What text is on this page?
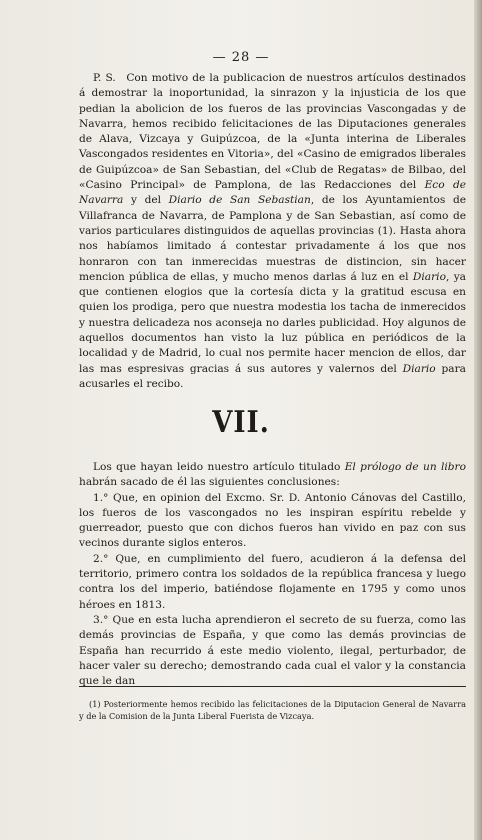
— 28 —

P. S.  Con motivo de la publicacion de nuestros artículos destinados á demostrar la inoportunidad, la sinrazon y la injusticia de los que pedian la abolicion de los fueros de las provincias Vascongadas y de Navarra, hemos recibido felicitaciones de las Diputaciones generales de Alava, Vizcaya y Guipúzcoa, de la «Junta interina de Liberales Vascongados residentes en Vitoria», del «Casino de emigrados liberales de Guipúzcoa» de San Sebastian, del «Club de Regatas» de Bilbao, del «Casino Principal» de Pamplona, de las Redacciones del Eco de Navarra y del Diario de San Sebastian, de los Ayuntamientos de Villafranca de Navarra, de Pamplona y de San Sebastian, así como de varios particulares distinguidos de aquellas provincias (1). Hasta ahora nos habíamos limitado á contestar privadamente á los que nos honraron con tan inmerecidas muestras de distincion, sin hacer mencion pública de ellas, y mucho menos darlas á luz en el Diario, ya que contienen elogios que la cortesía dicta y la gratitud escusa en quien los prodiga, pero que nuestra modestia los tacha de inmerecidos y nuestra delicadeza nos aconseja no darles publicidad. Hoy algunos de aquellos documentos han visto la luz pública en periódicos de la localidad y de Madrid, lo cual nos permite hacer mencion de ellos, dar las mas espresivas gracias á sus autores y valernos del Diario para acusarles el recibo.

VII.

Los que hayan leido nuestro artículo titulado El prólogo de un libro habrán sacado de él las siguientes conclusiones:

1.° Que, en opinion del Excmo. Sr. D. Antonio Cánovas del Castillo, los fueros de los vascongados no les inspiran espíritu rebelde y guerreador, puesto que con dichos fueros han vivido en paz con sus vecinos durante siglos enteros.

2.° Que, en cumplimiento del fuero, acudieron á la defensa del territorio, primero contra los soldados de la república francesa y luego contra los del imperio, batiéndose flojamente en 1795 y como unos héroes en 1813.

3.° Que en esta lucha aprendieron el secreto de su fuerza, como las demás provincias de España, y que como las demás provincias de España han recurrido á este medio violento, ilegal, perturbador, de hacer valer su derecho; demostrando cada cual el valor y la constancia que le dan

(1) Posteriormente hemos recibido las felicitaciones de la Diputacion General de Navarra y de la Comision de la Junta Liberal Fuerista de Vizcaya.
